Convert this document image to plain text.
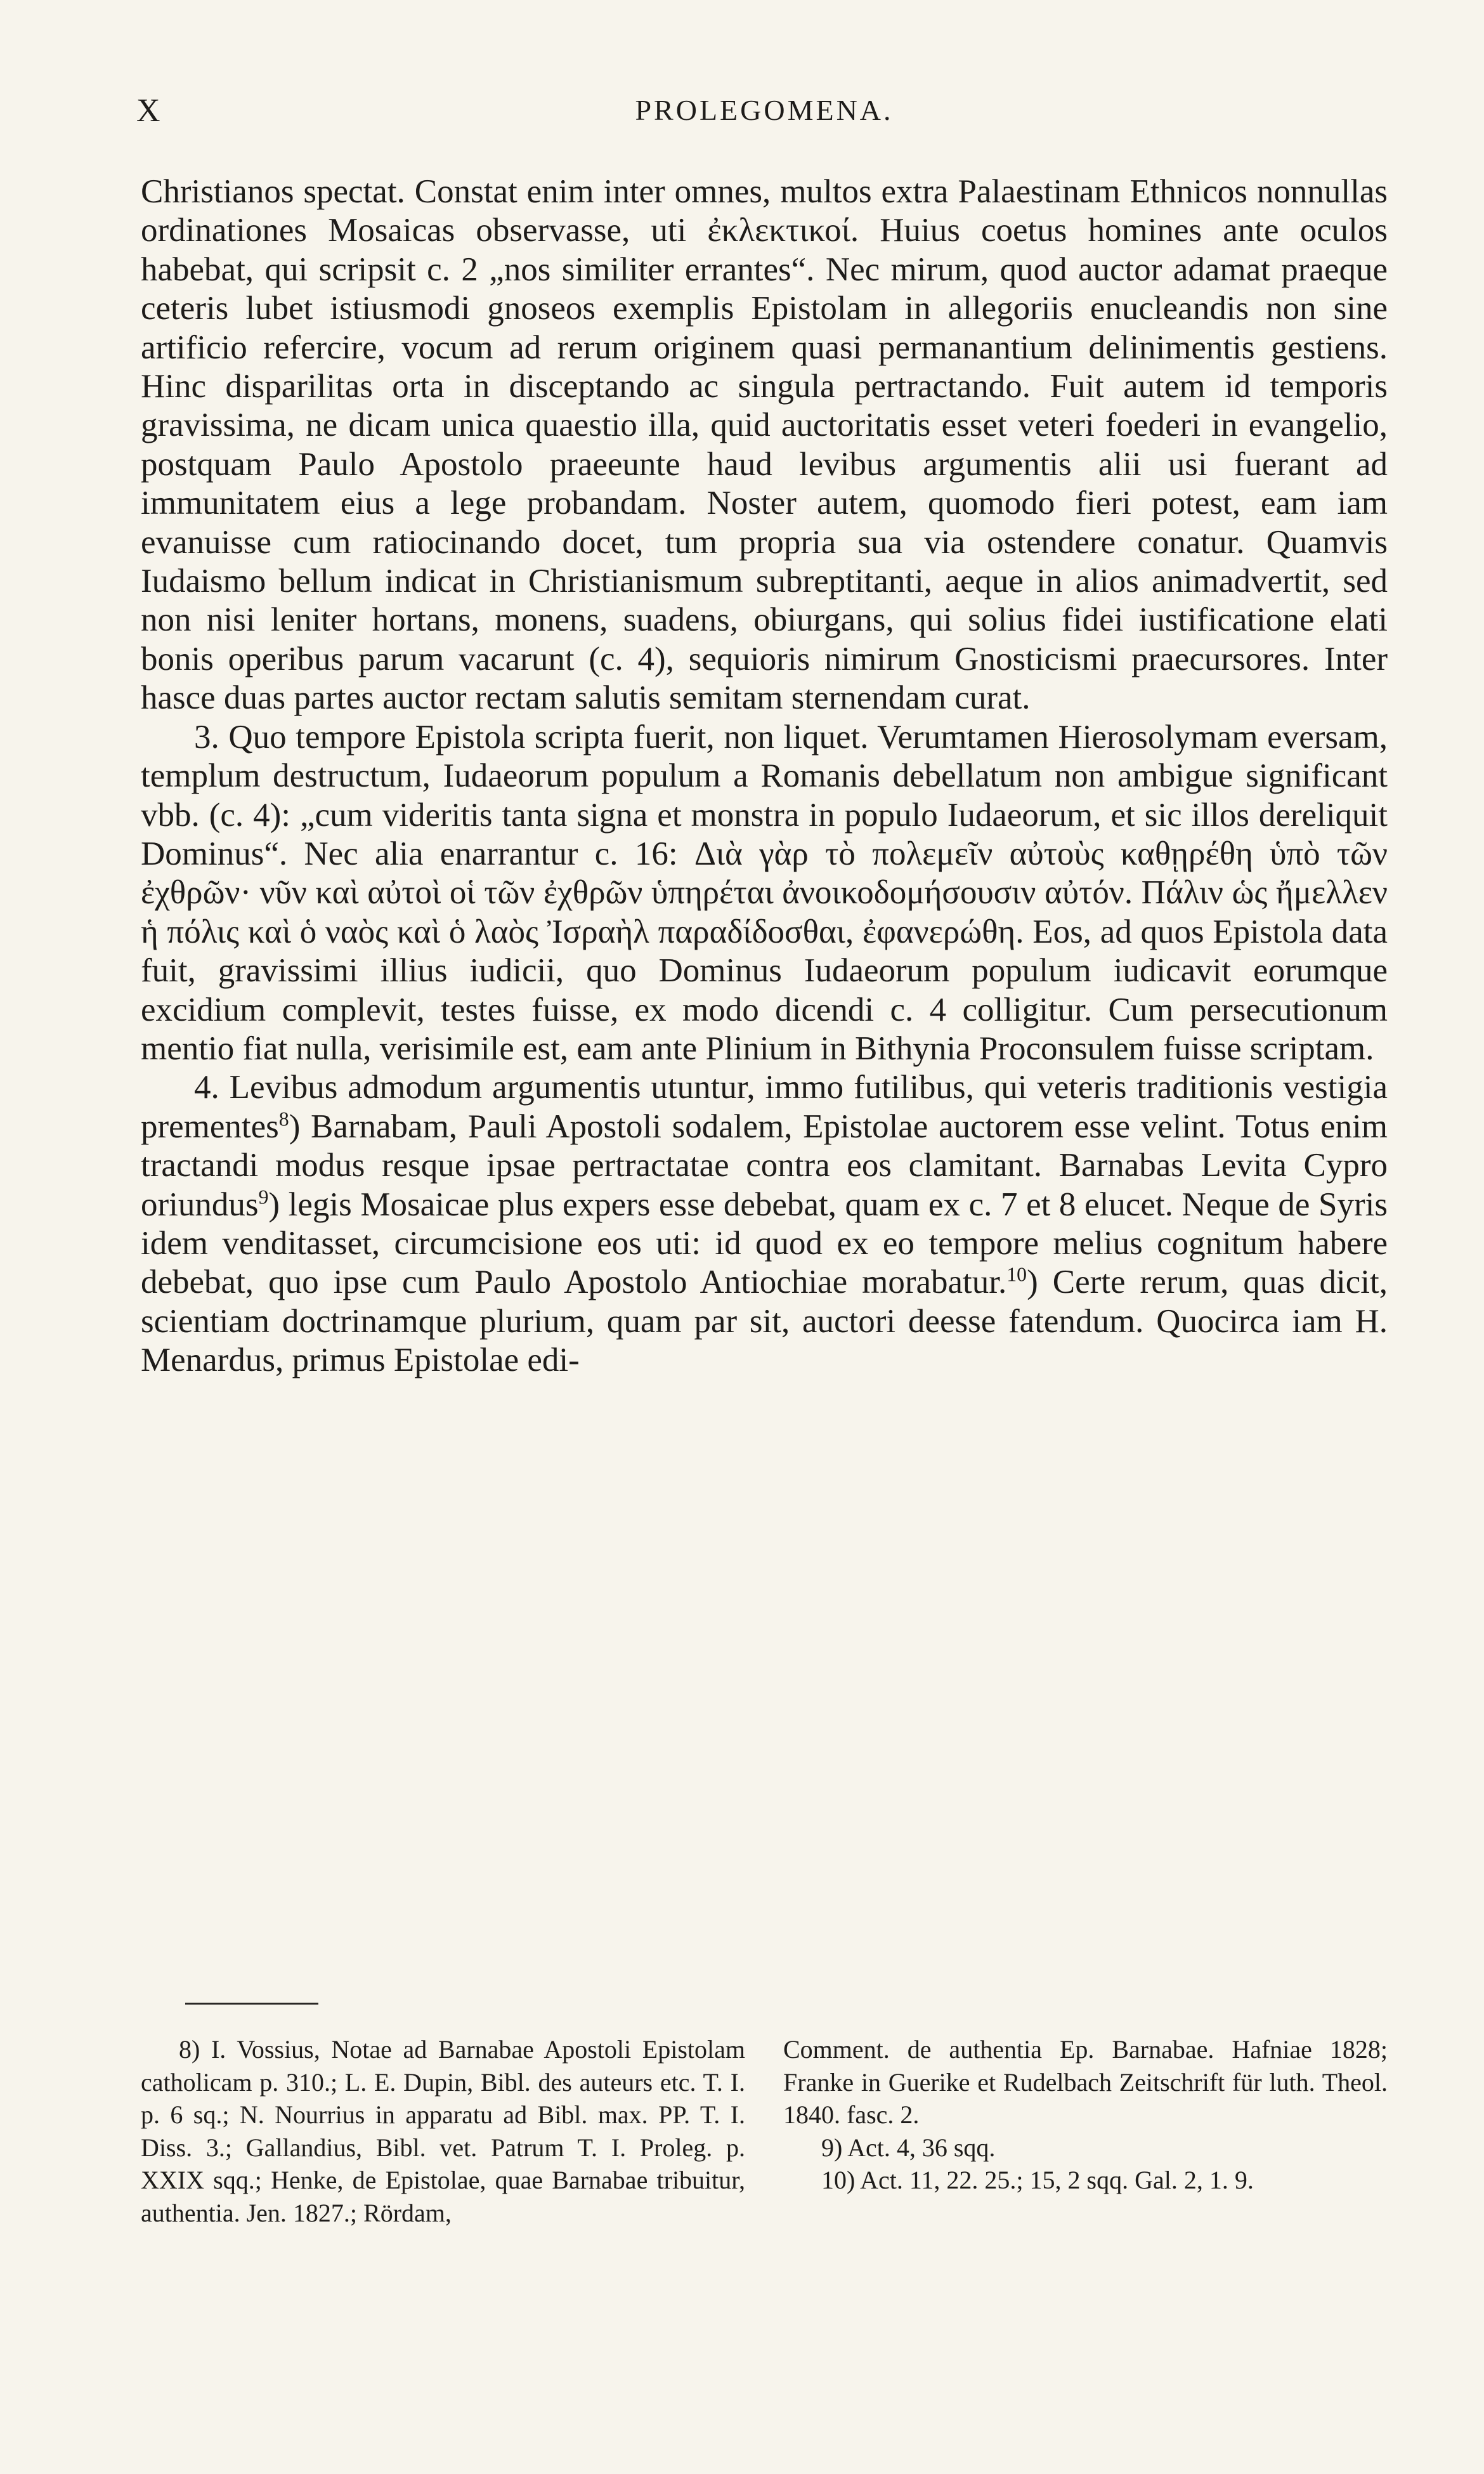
X	PROLEGOMENA.

Christianos spectat. Constat enim inter omnes, multos extra Palaestinam Ethnicos nonnullas ordinationes Mosaicas observasse, uti ἐκλεκτικοί. Huius coetus homines ante oculos habebat, qui scripsit c. 2 „nos similiter errantes“. Nec mirum, quod auctor adamat praeque ceteris lubet istiusmodi gnoseos exemplis Epistolam in allegoriis enucleandis non sine artificio refercire, vocum ad rerum originem quasi permanantium delinimentis gestiens. Hinc disparilitas orta in disceptando ac singula pertractando. Fuit autem id temporis gravissima, ne dicam unica quaestio illa, quid auctoritatis esset veteri foederi in evangelio, postquam Paulo Apostolo praeeunte haud levibus argumentis alii usi fuerant ad immunitatem eius a lege probandam. Noster autem, quomodo fieri potest, eam iam evanuisse cum ratiocinando docet, tum propria sua via ostendere conatur. Quamvis Iudaismo bellum indicat in Christianismum subreptitanti, aeque in alios animadvertit, sed non nisi leniter hortans, monens, suadens, obiurgans, qui solius fidei iustificatione elati bonis operibus parum vacarunt (c. 4), sequioris nimirum Gnosticismi praecursores. Inter hasce duas partes auctor rectam salutis semitam sternendam curat.

3. Quo tempore Epistola scripta fuerit, non liquet. Verumtamen Hierosolymam eversam, templum destructum, Iudaeorum populum a Romanis debellatum non ambigue significant vbb. (c. 4): „cum videritis tanta signa et monstra in populo Iudaeorum, et sic illos dereliquit Dominus“. Nec alia enarrantur c. 16: Διὰ γὰρ τὸ πολεμεῖν αὐτοὺς καθῃρέθη ὑπὸ τῶν ἐχθρῶν· νῦν καὶ αὐτοὶ οἱ τῶν ἐχθρῶν ὑπηρέται ἀνοικοδομήσουσιν αὐτόν. Πάλιν ὡς ἤμελλεν ἡ πόλις καὶ ὁ ναὸς καὶ ὁ λαὸς Ἰσραὴλ παραδίδοσθαι, ἐφανερώθη. Eos, ad quos Epistola data fuit, gravissimi illius iudicii, quo Dominus Iudaeorum populum iudicavit eorumque excidium complevit, testes fuisse, ex modo dicendi c. 4 colligitur. Cum persecutionum mentio fiat nulla, verisimile est, eam ante Plinium in Bithynia Proconsulem fuisse scriptam.

4. Levibus admodum argumentis utuntur, immo futilibus, qui veteris traditionis vestigia prementes$^8$) Barnabam, Pauli Apostoli sodalem, Epistolae auctorem esse velint. Totus enim tractandi modus resque ipsae pertractatae contra eos clamitant. Barnabas Levita Cypro oriundus$^9$) legis Mosaicae plus expers esse debebat, quam ex c. 7 et 8 elucet. Neque de Syris idem venditasset, circumcisione eos uti: id quod ex eo tempore melius cognitum habere debebat, quo ipse cum Paulo Apostolo Antiochiae morabatur.$^{10}$) Certe rerum, quas dicit, scientiam doctrinamque plurium, quam par sit, auctori deesse fatendum. Quocirca iam H. Menardus, primus Epistolae edi-

8) I. Vossius, Notae ad Barnabae Apostoli Epistolam catholicam p. 310.; L. E. Dupin, Bibl. des auteurs etc. T. I. p. 6 sq.; N. Nourrius in apparatu ad Bibl. max. PP. T. I. Diss. 3.; Gallandius, Bibl. vet. Patrum T. I. Proleg. p. XXIX sqq.; Henke, de Epistolae, quae Barnabae tribuitur, authentia. Jen. 1827.; Rördam,

Comment. de authentia Ep. Barnabae. Hafniae 1828; Franke in Guerike et Rudelbach Zeitschrift für luth. Theol. 1840. fasc. 2.

9) Act. 4, 36 sqq.

10) Act. 11, 22. 25.; 15, 2 sqq. Gal. 2, 1. 9.
